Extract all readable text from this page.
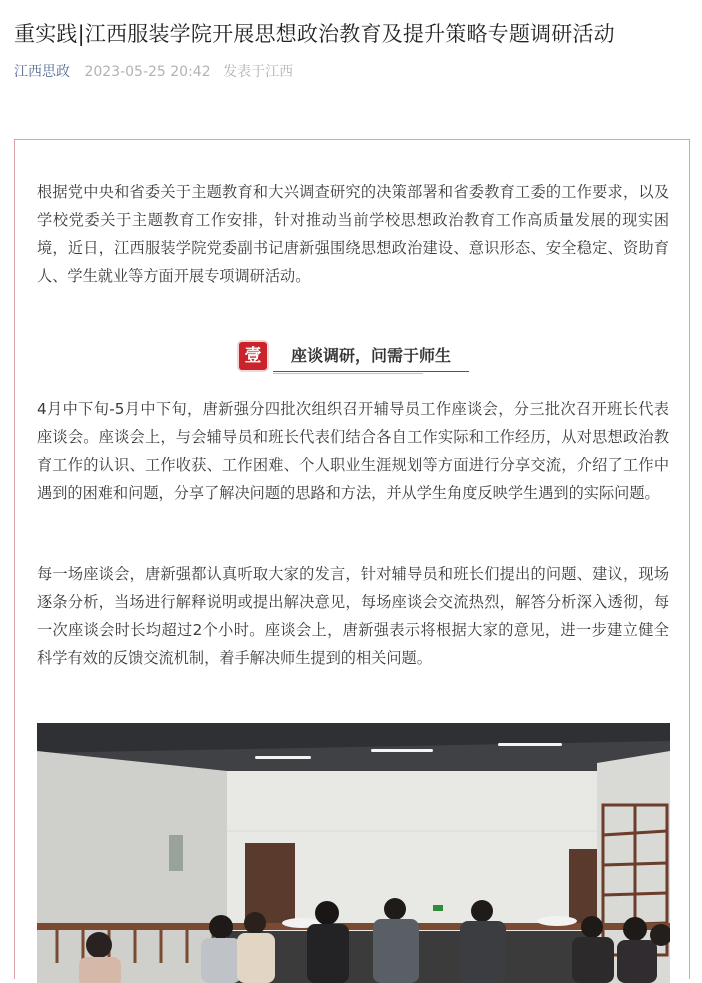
重实践|江西服装学院开展思想政治教育及提升策略专题调研活动
江西思政 2023-05-25 20:42 发表于江西

根据党中央和省委关于主题教育和大兴调查研究的决策部署和省委教育工委的工作要求，以及学校党委关于主题教育工作安排，针对推动当前学校思想政治教育工作高质量发展的现实困境，近日，江西服装学院党委副书记唐新强围绕思想政治建设、意识形态、安全稳定、资助育人、学生就业等方面开展专项调研活动。

壹	座谈调研，问需于师生

4月中下旬-5月中下旬，唐新强分四批次组织召开辅导员工作座谈会，分三批次召开班长代表座谈会。座谈会上，与会辅导员和班长代表们结合各自工作实际和工作经历，从对思想政治教育工作的认识、工作收获、工作困难、个人职业生涯规划等方面进行分享交流，介绍了工作中遇到的困难和问题，分享了解决问题的思路和方法，并从学生角度反映学生遇到的实际问题。

每一场座谈会，唐新强都认真听取大家的发言，针对辅导员和班长们提出的问题、建议，现场逐条分析，当场进行解释说明或提出解决意见，每场座谈会交流热烈，解答分析深入透彻，每一次座谈会时长均超过2个小时。座谈会上，唐新强表示将根据大家的意见，进一步建立健全科学有效的反馈交流机制，着手解决师生提到的相关问题。
